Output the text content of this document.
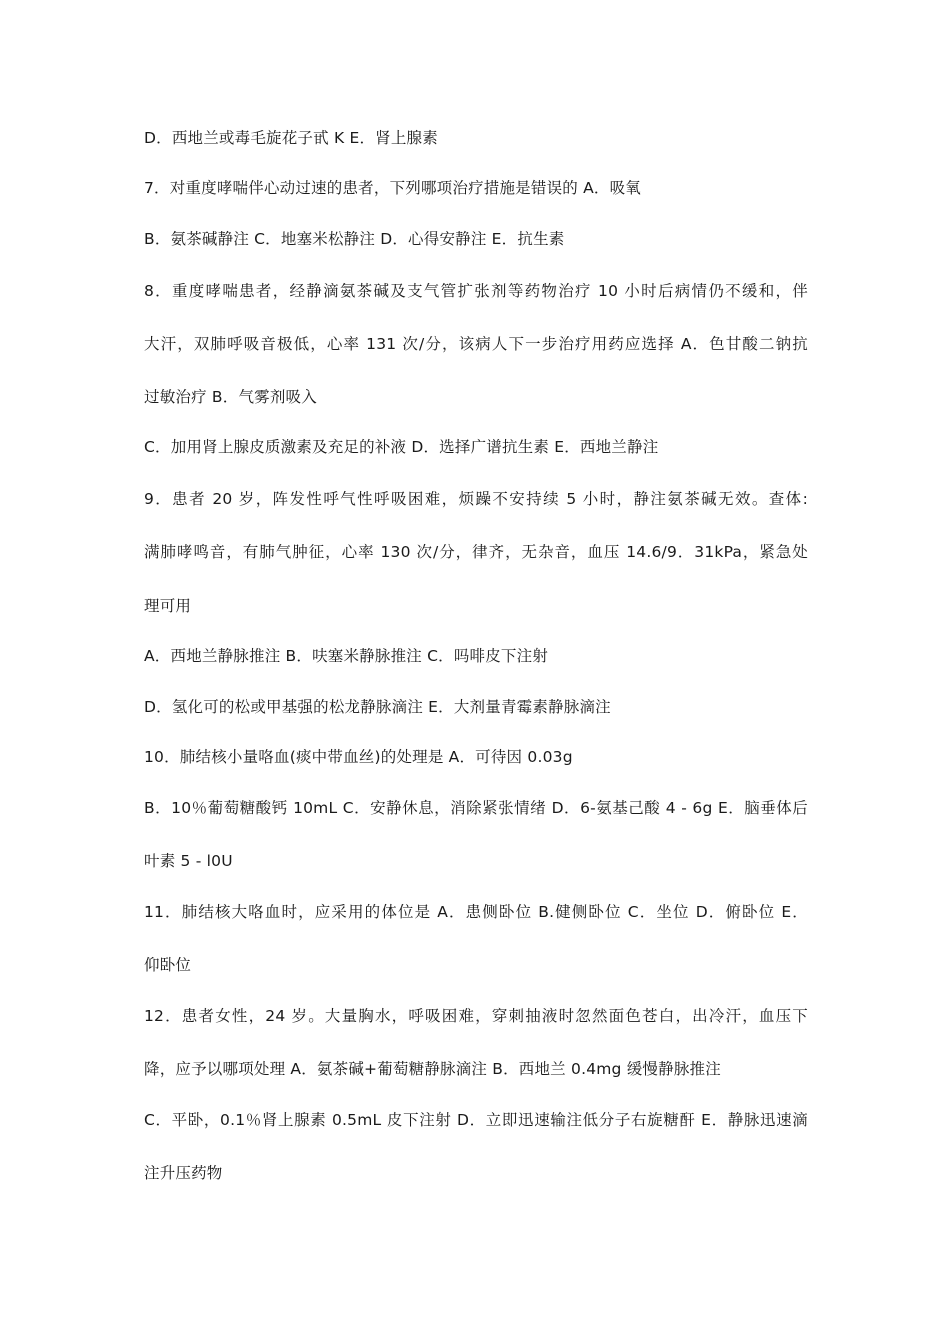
D．西地兰或毒毛旋花子甙 K E．肾上腺素
7．对重度哮喘伴心动过速的患者，下列哪项治疗措施是错误的 A．吸氧
B．氨茶碱静注 C．地塞米松静注 D．心得安静注 E．抗生素
8．重度哮喘患者，经静滴氨茶碱及支气管扩张剂等药物治疗 10 小时后病情仍不缓和，伴
大汗，双肺呼吸音极低，心率 131 次/分，该病人下一步治疗用药应选择 A．色甘酸二钠抗
过敏治疗 B．气雾剂吸入
C．加用肾上腺皮质激素及充足的补液 D．选择广谱抗生素 E．西地兰静注
9．患者 20 岁，阵发性呼气性呼吸困难，烦躁不安持续 5 小时，静注氨茶碱无效。查体:
满肺哮鸣音，有肺气肿征，心率 130 次/分，律齐，无杂音，血压 14.6/9．31kPa，紧急处
理可用
A．西地兰静脉推注 B．呋塞米静脉推注 C．吗啡皮下注射
D．氢化可的松或甲基强的松龙静脉滴注 E．大剂量青霉素静脉滴注
10．肺结核小量咯血(痰中带血丝)的处理是 A．可待因 0.03g
B．10％葡萄糖酸钙 10mL C．安静休息，消除紧张情绪 D．6-氨基己酸 4 - 6g E．脑垂体后
叶素 5 - l0U
11．肺结核大咯血时，应采用的体位是 A．患侧卧位 B.健侧卧位 C．坐位 D．俯卧位 E．
仰卧位
12．患者女性，24 岁。大量胸水，呼吸困难，穿刺抽液时忽然面色苍白，出冷汗，血压下
降，应予以哪项处理 A．氨茶碱+葡萄糖静脉滴注 B．西地兰 0.4mg 缓慢静脉推注
C．平卧，0.1％肾上腺素 0.5mL 皮下注射 D．立即迅速输注低分子右旋糖酐 E．静脉迅速滴
注升压药物
